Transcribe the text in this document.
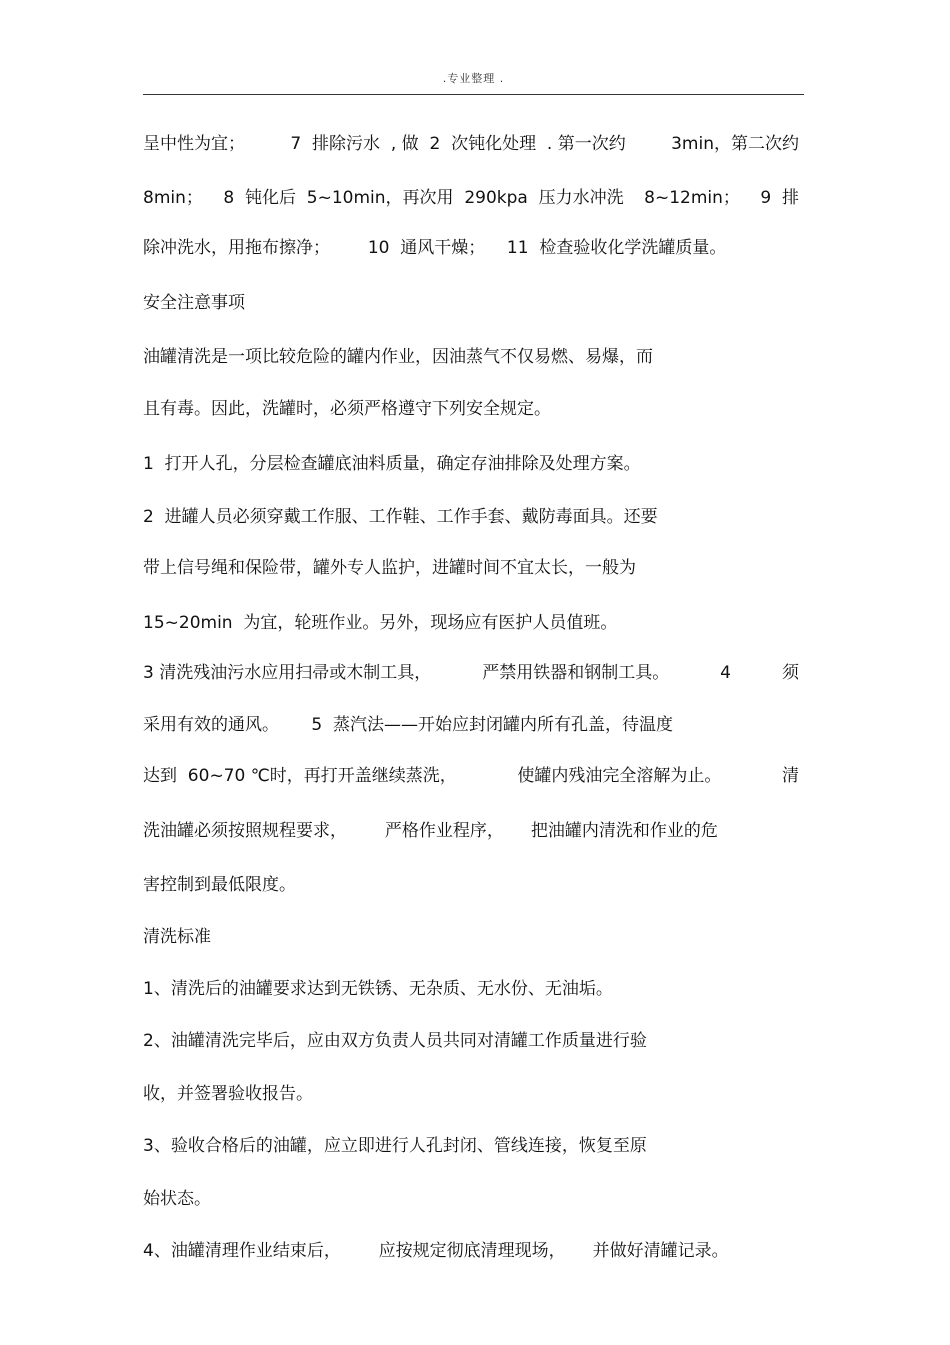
.专业整理 .
呈中性为宜；	7  排除污水  , 做  2  次钝化处理  . 第一次约	3min，第二次约
8min； 8  钝化后  5~10min，再次用  290kpa  压力水冲洗 8~12min； 9  排
除冲洗水，用拖布擦净；       10  通风干燥；    11  检查验收化学洗罐质量。
安全注意事项
油罐清洗是一项比较危险的罐内作业，因油蒸气不仅易燃、易爆，而
且有毒。因此，洗罐时，必须严格遵守下列安全规定。
1  打开人孔，分层检查罐底油料质量，确定存油排除及处理方案。
2  进罐人员必须穿戴工作服、工作鞋、工作手套、戴防毒面具。还要
带上信号绳和保险带，罐外专人监护，进罐时间不宜太长，一般为
15~20min  为宜，轮班作业。另外，现场应有医护人员值班。
3 清洗残油污水应用扫帚或木制工具，	严禁用铁器和钢制工具。	4	须
采用有效的通风。      5  蒸汽法——开始应封闭罐内所有孔盖，待温度
达到  60~70 ℃时，再打开盖继续蒸洗，	使罐内残油完全溶解为止。	清
洗油罐必须按照规程要求，       严格作业程序，     把油罐内清洗和作业的危
害控制到最低限度。
清洗标准
1、清洗后的油罐要求达到无铁锈、无杂质、无水份、无油垢。
2、油罐清洗完毕后，应由双方负责人员共同对清罐工作质量进行验
收，并签署验收报告。
3、验收合格后的油罐，应立即进行人孔封闭、管线连接，恢复至原
始状态。
4、油罐清理作业结束后，       应按规定彻底清理现场，     并做好清罐记录。
